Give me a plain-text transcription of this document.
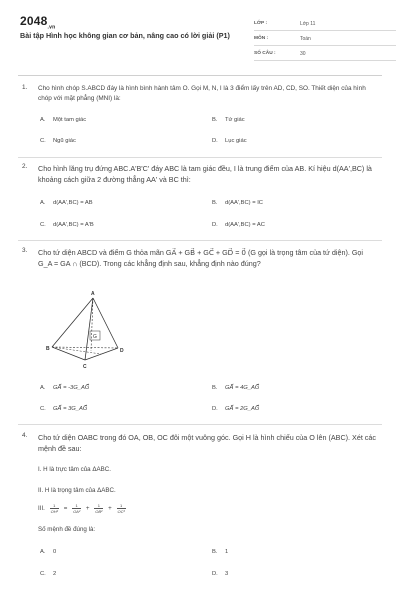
$2048_{.vn}$
Bài tập Hình học không gian cơ bản, nâng cao có lời giải (P1)
LỚP :	Lớp 11
MÔN :	Toán
SỐ CÂU :	30
1. Cho hình chóp S.ABCD đáy là hình bình hành tâm O. Gọi M, N, I là 3 điểm lấy trên AD, CD, SO. Thiết diện của hình chóp với mặt phẳng (MNI) là:
A. Một tam giác	B. Tứ giác
C. Ngũ giác	D. Lục giác
2. Cho hình lăng trụ đứng ABC.A'B'C' đáy ABC là tam giác đều, I là trung điểm của AB. Kí hiệu d(AA',BC) là khoảng cách giữa 2 đường thẳng AA' và BC thì:
A. d(AA',BC) = AB	B. d(AA',BC) = IC
C. d(AA',BC) = A'B	D. d(AA',BC) = AC
3. Cho tứ diện ABCD và điểm G thỏa mãn GA⃗ + GB⃗ + GC⃗ + GD⃗ = 0⃗ (G gọi là trọng tâm của tứ diện). Gọi G_A = GA ∩ (BCD). Trong các khẳng định sau, khẳng định nào đúng?
A
G
B	D
C
A. GA⃗ = -3G_AG⃗	B. GA⃗ = 4G_AG⃗
C. GA⃗ = 3G_AG⃗	D. GA⃗ = 2G_AG⃗
4. Cho tứ diện OABC trong đó OA, OB, OC đôi một vuông góc. Gọi H là hình chiếu của O lên (ABC). Xét các mệnh đề sau:
I. H là trực tâm của ΔABC.
II. H là trọng tâm của ΔABC.
III. $\frac{1}{\text{OH²}} = \frac{1}{\text{OA²}} + \frac{1}{\text{OB²}} + \frac{1}{\text{OC²}}$
Số mệnh đề đúng là:
A. 0	B. 1
C. 2	D. 3
